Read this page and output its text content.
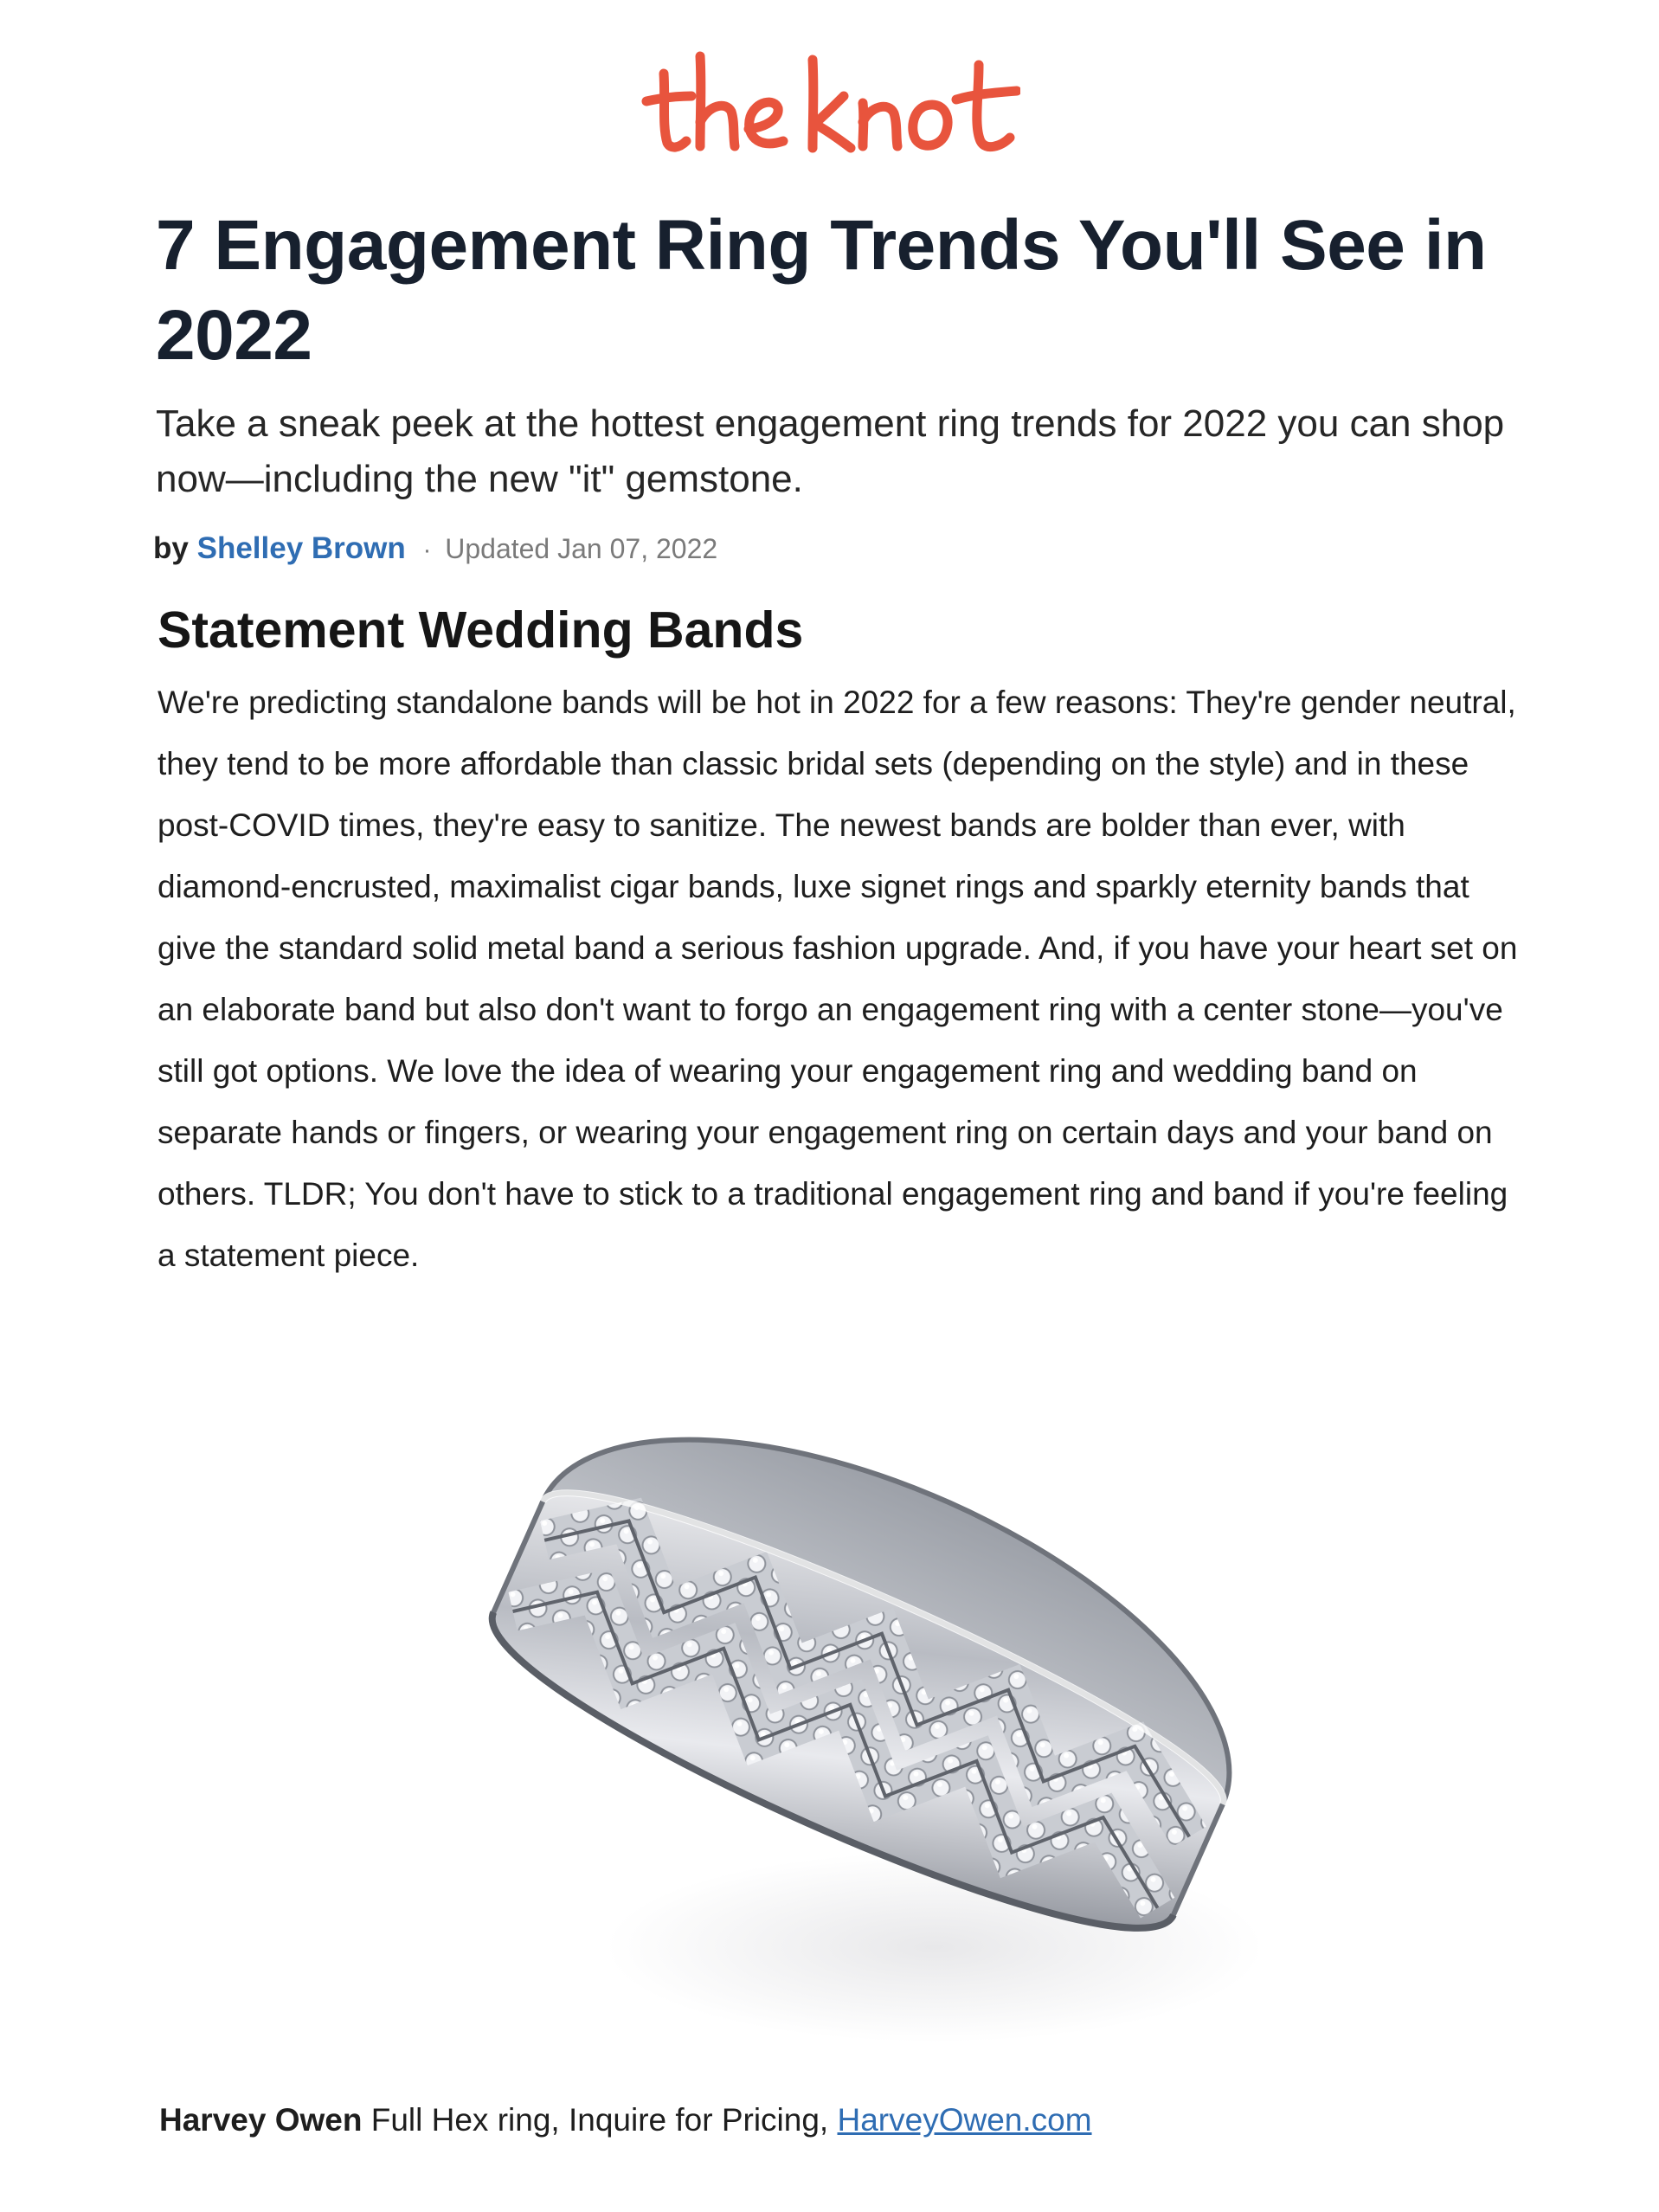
7 Engagement Ring Trends You'll See in 2022

Take a sneak peek at the hottest engagement ring trends for 2022 you can shop now—including the new "it" gemstone.

by Shelley Brown · Updated Jan 07, 2022
Statement Wedding Bands

We're predicting standalone bands will be hot in 2022 for a few reasons: They're gender neutral, they tend to be more affordable than classic bridal sets (depending on the style) and in these post-COVID times, they're easy to sanitize. The newest bands are bolder than ever, with diamond-encrusted, maximalist cigar bands, luxe signet rings and sparkly eternity bands that give the standard solid metal band a serious fashion upgrade. And, if you have your heart set on an elaborate band but also don't want to forgo an engagement ring with a center stone—you've still got options. We love the idea of wearing your engagement ring and wedding band on separate hands or fingers, or wearing your engagement ring on certain days and your band on others. TLDR; You don't have to stick to a traditional engagement ring and band if you're feeling a statement piece.

Harvey Owen Full Hex ring, Inquire for Pricing, HarveyOwen.com
